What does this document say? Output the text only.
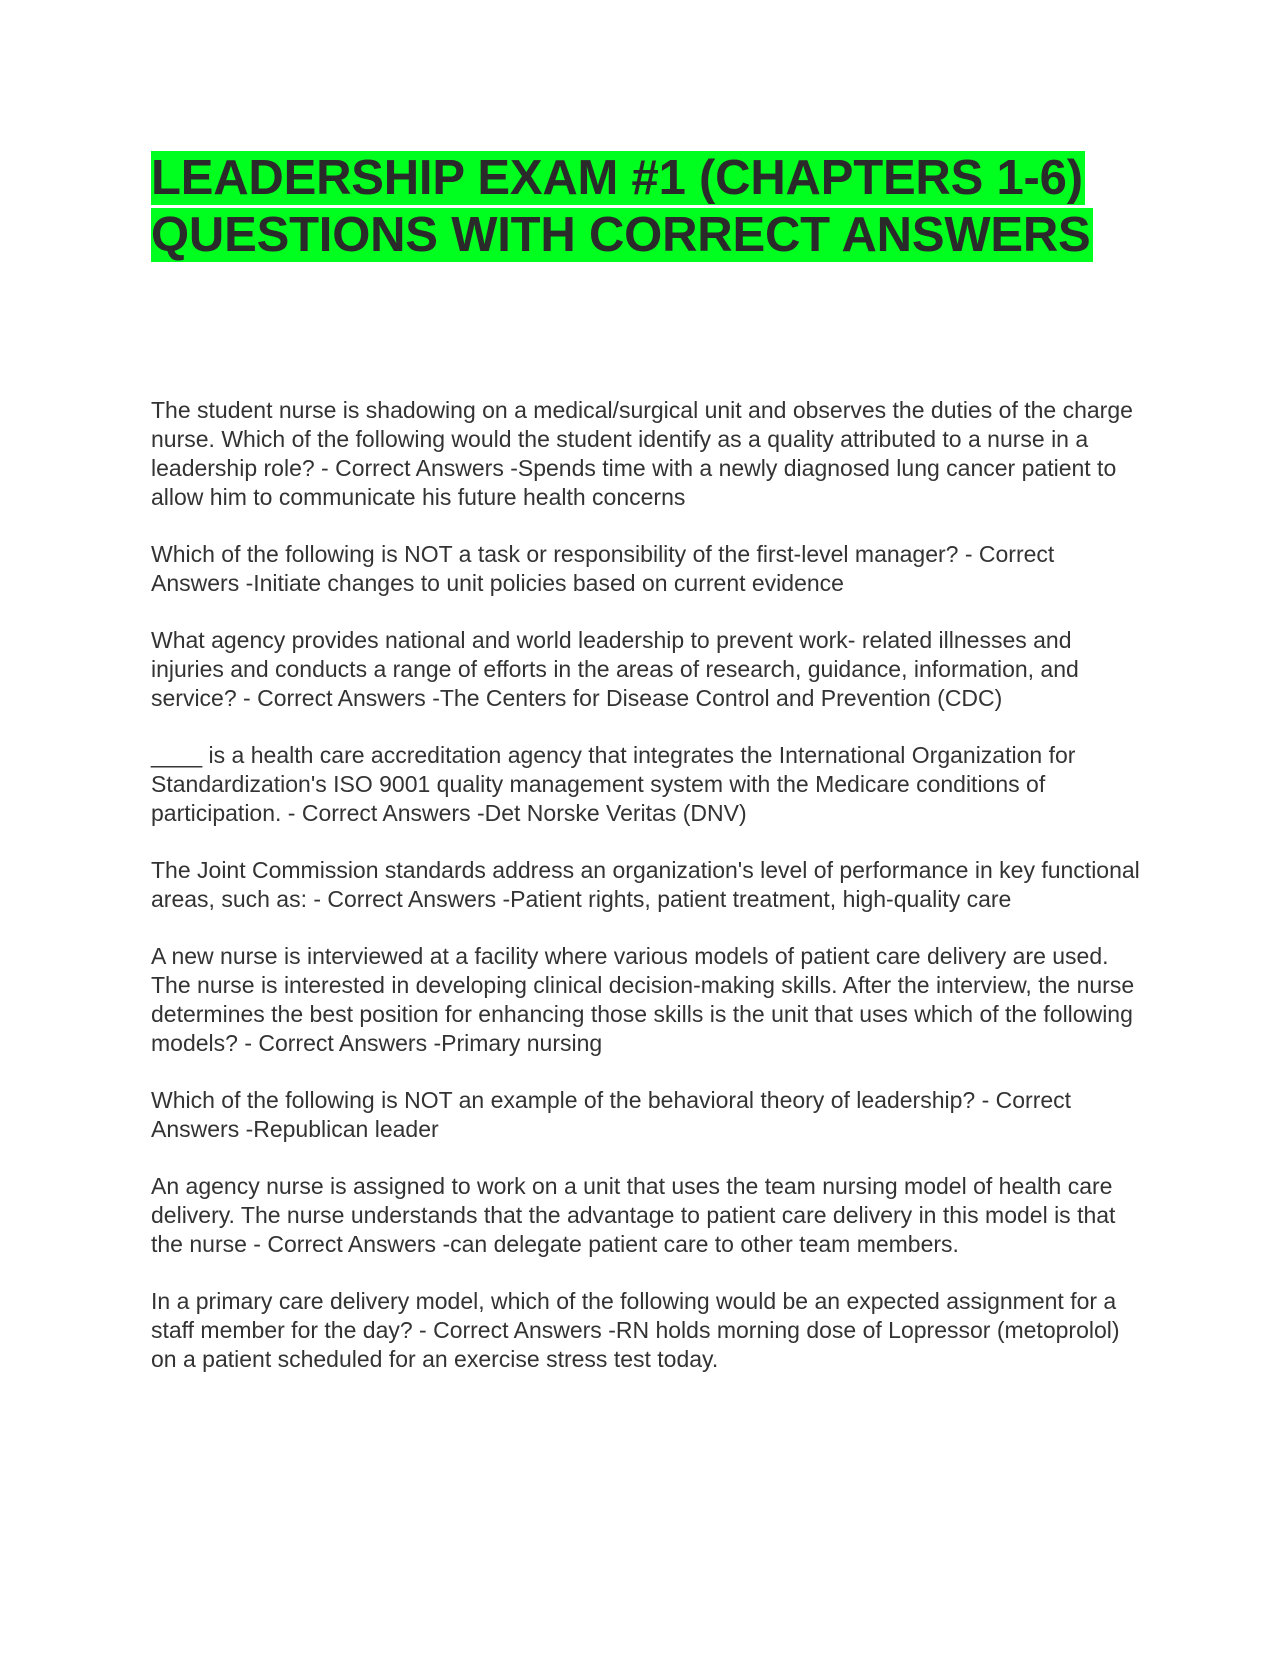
LEADERSHIP EXAM #1 (CHAPTERS 1-6) QUESTIONS WITH CORRECT ANSWERS

The student nurse is shadowing on a medical/surgical unit and observes the duties of the charge nurse. Which of the following would the student identify as a quality attributed to a nurse in a leadership role? - Correct Answers -Spends time with a newly diagnosed lung cancer patient to allow him to communicate his future health concerns

Which of the following is NOT a task or responsibility of the first-level manager? - Correct Answers -Initiate changes to unit policies based on current evidence

What agency provides national and world leadership to prevent work- related illnesses and injuries and conducts a range of efforts in the areas of research, guidance, information, and service? - Correct Answers -The Centers for Disease Control and Prevention (CDC)

____ is a health care accreditation agency that integrates the International Organization for Standardization's ISO 9001 quality management system with the Medicare conditions of participation. - Correct Answers -Det Norske Veritas (DNV)

The Joint Commission standards address an organization's level of performance in key functional areas, such as: - Correct Answers -Patient rights, patient treatment, high-quality care

A new nurse is interviewed at a facility where various models of patient care delivery are used. The nurse is interested in developing clinical decision-making skills. After the interview, the nurse determines the best position for enhancing those skills is the unit that uses which of the following models? - Correct Answers -Primary nursing

Which of the following is NOT an example of the behavioral theory of leadership? - Correct Answers -Republican leader

An agency nurse is assigned to work on a unit that uses the team nursing model of health care delivery. The nurse understands that the advantage to patient care delivery in this model is that the nurse - Correct Answers -can delegate patient care to other team members.

In a primary care delivery model, which of the following would be an expected assignment for a staff member for the day? - Correct Answers -RN holds morning dose of Lopressor (metoprolol) on a patient scheduled for an exercise stress test today.
